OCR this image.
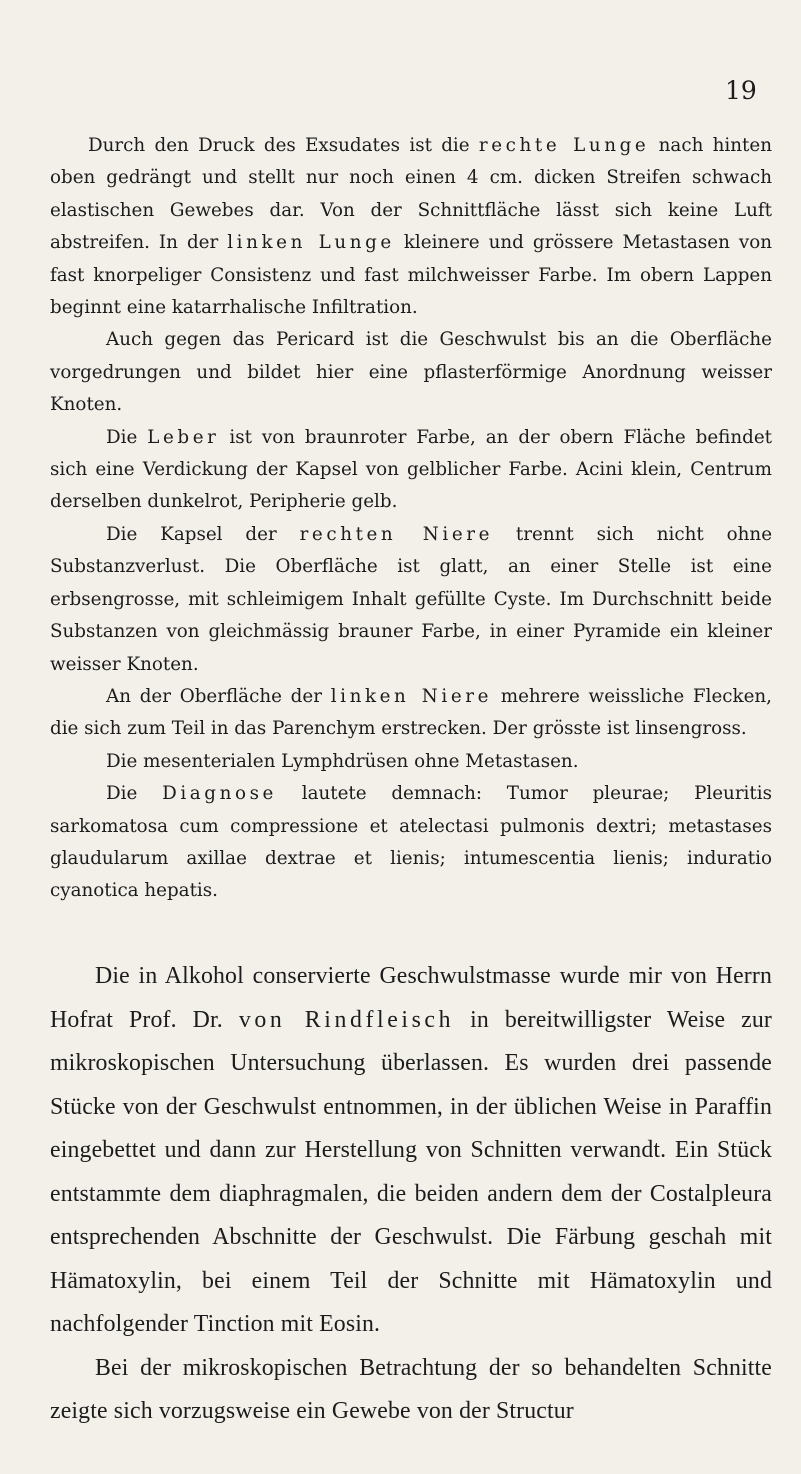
19

Durch den Druck des Exsudates ist die rechte Lunge nach hinten oben gedrängt und stellt nur noch einen 4 cm. dicken Streifen schwach elastischen Gewebes dar. Von der Schnittfläche lässt sich keine Luft abstreifen. In der linken Lunge kleinere und grössere Metastasen von fast knorpeliger Consistenz und fast milchweisser Farbe. Im obern Lappen beginnt eine katarrhalische Infiltration.

Auch gegen das Pericard ist die Geschwulst bis an die Oberfläche vorgedrungen und bildet hier eine pflasterförmige Anordnung weisser Knoten.

Die Leber ist von braunroter Farbe, an der obern Fläche befindet sich eine Verdickung der Kapsel von gelblicher Farbe. Acini klein, Centrum derselben dunkelrot, Peripherie gelb.

Die Kapsel der rechten Niere trennt sich nicht ohne Substanzverlust. Die Oberfläche ist glatt, an einer Stelle ist eine erbsengrosse, mit schleimigem Inhalt gefüllte Cyste. Im Durchschnitt beide Substanzen von gleichmässig brauner Farbe, in einer Pyramide ein kleiner weisser Knoten.

An der Oberfläche der linken Niere mehrere weissliche Flecken, die sich zum Teil in das Parenchym erstrecken. Der grösste ist linsengross.

Die mesenterialen Lymphdrüsen ohne Metastasen.

Die Diagnose lautete demnach: Tumor pleurae; Pleuritis sarkomatosa cum compressione et atelectasi pulmonis dextri; metastases glaudularum axillae dextrae et lienis; intumescentia lienis; induratio cyanotica hepatis.

Die in Alkohol conservierte Geschwulstmasse wurde mir von Herrn Hofrat Prof. Dr. von Rindfleisch in bereitwilligster Weise zur mikroskopischen Untersuchung überlassen. Es wurden drei passende Stücke von der Geschwulst entnommen, in der üblichen Weise in Paraffin eingebettet und dann zur Herstellung von Schnitten verwandt. Ein Stück entstammte dem diaphragmalen, die beiden andern dem der Costalpleura entsprechenden Abschnitte der Geschwulst. Die Färbung geschah mit Hämatoxylin, bei einem Teil der Schnitte mit Hämatoxylin und nachfolgender Tinction mit Eosin.

Bei der mikroskopischen Betrachtung der so behandelten Schnitte zeigte sich vorzugsweise ein Gewebe von der Structur
